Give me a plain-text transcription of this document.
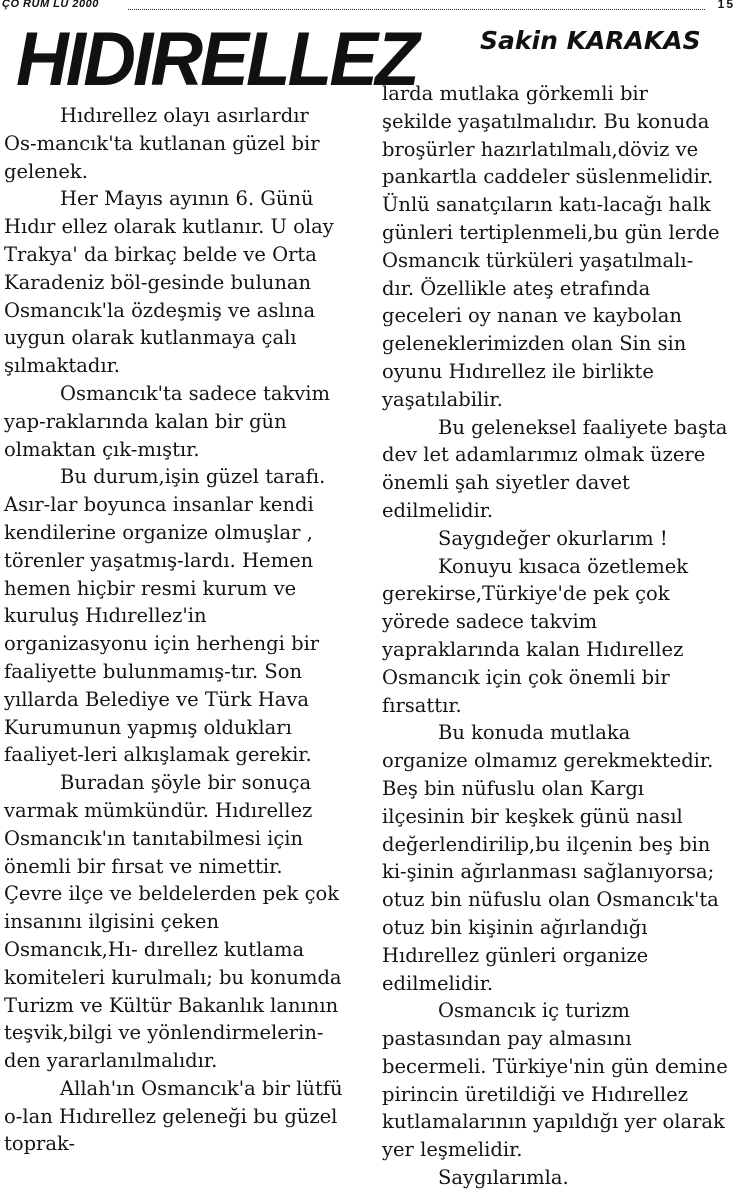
ÇO RUM LU 2000	15
HIDIRELLEZ	Sakin KARAKAS
Hıdırellez olayı asırlardır
Os-mancık'ta kutlanan güzel bir
gelenek.
Her Mayıs ayının 6. Günü
Hıdır ellez olarak kutlanır. U olay
Trakya' da birkaç belde ve Orta
Karadeniz böl-gesinde bulunan
Osmancık'la özdeşmiş ve aslına
uygun olarak kutlanmaya çalı
şılmaktadır.
Osmancık'ta sadece takvim
yap-raklarında kalan bir gün
olmaktan çık-mıştır.
Bu durum,işin güzel tarafı.
Asır-lar boyunca insanlar kendi
kendilerine organize olmuşlar ,
törenler yaşatmış-lardı. Hemen
hemen hiçbir resmi kurum ve
kuruluş Hıdırellez'in
organizasyonu için herhengi bir
faaliyette bulunmamış-tır. Son
yıllarda Belediye ve Türk Hava
Kurumunun yapmış oldukları
faaliyet-leri alkışlamak gerekir.
Buradan şöyle bir sonuça
varmak mümkündür. Hıdırellez
Osmancık'ın tanıtabilmesi için
önemli bir fırsat ve nimettir.
Çevre ilçe ve beldelerden pek çok
insanını ilgisini çeken
Osmancık,Hı- dırellez kutlama
komiteleri kurulmalı; bu konumda
Turizm ve Kültür Bakanlık lanının
teşvik,bilgi ve yönlendirmelerin-
den yararlanılmalıdır.
Allah'ın Osmancık'a bir lütfü
o-lan Hıdırellez geleneği bu güzel
toprak-
larda mutlaka görkemli bir
şekilde yaşatılmalıdır. Bu konuda
broşürler hazırlatılmalı,döviz ve
pankartla caddeler süslenmelidir.
Ünlü sanatçıların katı-lacağı halk
günleri tertiplenmeli,bu gün lerde
Osmancık türküleri yaşatılmalı-
dır. Özellikle ateş etrafında
geceleri oy nanan ve kaybolan
geleneklerimizden olan Sin sin
oyunu Hıdırellez ile birlikte
yaşatılabilir.
Bu geleneksel faaliyete başta
dev let adamlarımız olmak üzere
önemli şah siyetler davet
edilmelidir.
Saygıdeğer okurlarım !
Konuyu kısaca özetlemek
gerekirse,Türkiye'de pek çok
yörede sadece takvim
yapraklarında kalan Hıdırellez
Osmancık için çok önemli bir
fırsattır.
Bu konuda mutlaka
organize olmamız gerekmektedir.
Beş bin nüfuslu olan Kargı
ilçesinin bir keşkek günü nasıl
değerlendirilip,bu ilçenin beş bin
ki-şinin ağırlanması sağlanıyorsa;
otuz bin nüfuslu olan Osmancık'ta
otuz bin kişinin ağırlandığı
Hıdırellez günleri organize
edilmelidir.
Osmancık iç turizm
pastasından pay almasını
becermeli. Türkiye'nin gün demine
pirincin üretildiği ve Hıdırellez
kutlamalarının yapıldığı yer olarak
yer leşmelidir.
Saygılarımla.
